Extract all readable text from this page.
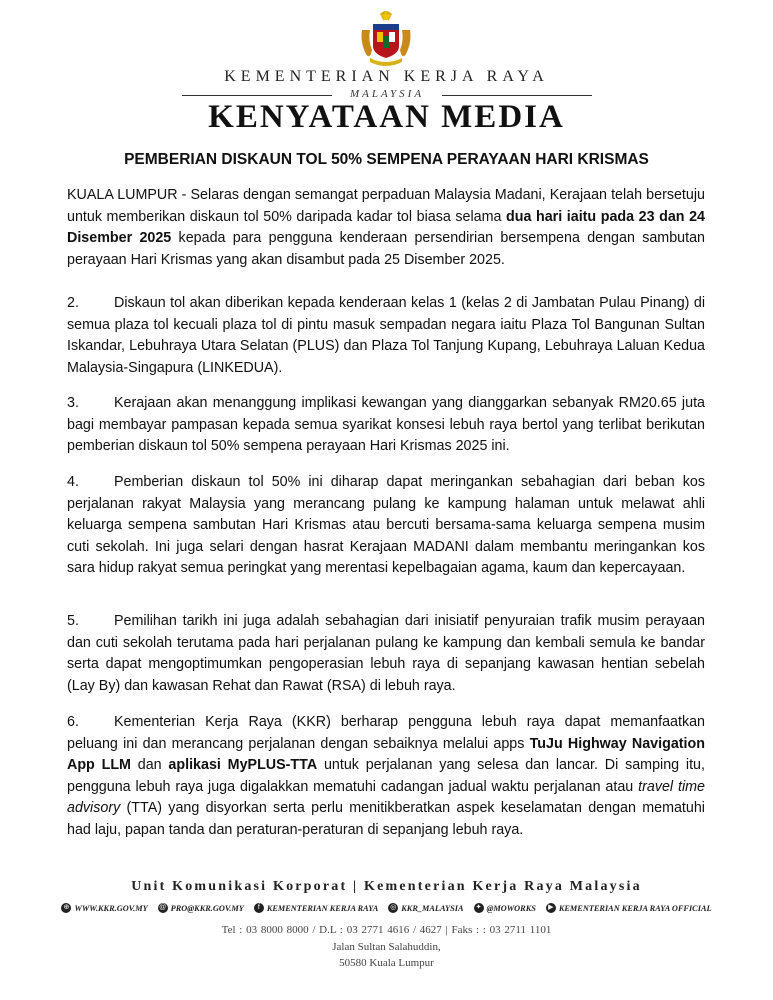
KEMENTERIAN KERJA RAYA
MALAYSIA
KENYATAAN MEDIA
PEMBERIAN DISKAUN TOL 50% SEMPENA PERAYAAN HARI KRISMAS

KUALA LUMPUR - Selaras dengan semangat perpaduan Malaysia Madani, Kerajaan telah bersetuju untuk memberikan diskaun tol 50% daripada kadar tol biasa selama dua hari iaitu pada 23 dan 24 Disember 2025 kepada para pengguna kenderaan persendirian bersempena dengan sambutan perayaan Hari Krismas yang akan disambut pada 25 Disember 2025.

2. Diskaun tol akan diberikan kepada kenderaan kelas 1 (kelas 2 di Jambatan Pulau Pinang) di semua plaza tol kecuali plaza tol di pintu masuk sempadan negara iaitu Plaza Tol Bangunan Sultan Iskandar, Lebuhraya Utara Selatan (PLUS) dan Plaza Tol Tanjung Kupang, Lebuhraya Laluan Kedua Malaysia-Singapura (LINKEDUA).

3. Kerajaan akan menanggung implikasi kewangan yang dianggarkan sebanyak RM20.65 juta bagi membayar pampasan kepada semua syarikat konsesi lebuh raya bertol yang terlibat berikutan pemberian diskaun tol 50% sempena perayaan Hari Krismas 2025 ini.

4. Pemberian diskaun tol 50% ini diharap dapat meringankan sebahagian dari beban kos perjalanan rakyat Malaysia yang merancang pulang ke kampung halaman untuk melawat ahli keluarga sempena sambutan Hari Krismas atau bercuti bersama-sama keluarga sempena musim cuti sekolah. Ini juga selari dengan hasrat Kerajaan MADANI dalam membantu meringankan kos sara hidup rakyat semua peringkat yang merentasi kepelbagaian agama, kaum dan kepercayaan.

5. Pemilihan tarikh ini juga adalah sebahagian dari inisiatif penyuraian trafik musim perayaan dan cuti sekolah terutama pada hari perjalanan pulang ke kampung dan kembali semula ke bandar serta dapat mengoptimumkan pengoperasian lebuh raya di sepanjang kawasan hentian sebelah (Lay By) dan kawasan Rehat dan Rawat (RSA) di lebuh raya.

6. Kementerian Kerja Raya (KKR) berharap pengguna lebuh raya dapat memanfaatkan peluang ini dan merancang perjalanan dengan sebaiknya melalui apps TuJu Highway Navigation App LLM dan aplikasi MyPLUS-TTA untuk perjalanan yang selesa dan lancar. Di samping itu, pengguna lebuh raya juga digalakkan mematuhi cadangan jadual waktu perjalanan atau travel time advisory (TTA) yang disyorkan serta perlu menitikberatkan aspek keselamatan dengan mematuhi had laju, papan tanda dan peraturan-peraturan di sepanjang lebuh raya.

Unit Komunikasi Korporat | Kementerian Kerja Raya Malaysia
⊕ WWW.KKR.GOV.MY @ PRO@KKR.GOV.MY	f KEMENTERIAN KERJA RAYA ◎ KKR_MALAYSIA ✦ @MOWORKS	▶ KEMENTERIAN KERJA RAYA OFFICIAL
Tel : 03 8000 8000 / D.L : 03 2771 4616 / 4627 | Faks : : 03 2711 1101
Jalan Sultan Salahuddin,
50580 Kuala Lumpur
